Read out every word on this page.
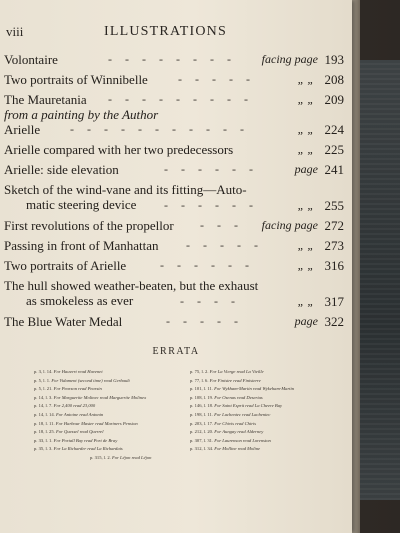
viii	ILLUSTRATIONS
Volontaire	- - - - - - - - facing page 193
Two portraits of Winnibelle	- - - - -	„ „ 208
The Mauretania - - - - - - - - -	„ „ 209
from a painting by the Author
Arielle - - - - - - - - - - -	„ „ 224
Arielle compared with her two predecessors	„ „ 225
Arielle: side elevation	- - - - - -	page 241
Sketch of the wind-vane and its fitting—Auto-
matic steering device	- - - - - -	„ „ 255
First revolutions of the propellor - - - facing page 272
Passing in front of Manhattan - - - - -	„ „ 273
Two portraits of Arielle	- - - - - -	„ „ 316
The hull showed weather-beaten, but the exhaust
as smokeless as ever	- - - -	„ „ 317
The Blue Water Medal	- - - - -	page 322
ERRATA
p. 3, l. 14. For Hauvert read Havenet
p. 5, l. 1. For Vidament (second time) read Gerbault
p. 5, l. 21. For Pearson read Pearsin
p. 14, l. 3. For Marguerite Molinec read Marguerite Molinex
p. 14, l. 7. For 2,400 read 23,000
p. 14, l. 14. For Antoine read Antonin
p. 18, l. 11. For Harbour Master read Mariners Pension
p. 18, l. 25. For Quessel read Querrel
p. 33, l. 1. For Portall Bay read Port de Bray
p. 35, l. 3. For La Richarder read La Richardais
p. 75, l. 2. For La Vierge read La Vieille
p. 77, l. 6. For Finistre read Finisterre
p. 101, l. 11. For Wykham-Martin read Wykeham-Martin
p. 108, l. 19. For Osenas read Deserias
p. 146, l. 18. For Saint Esprit read La Cheere Bay
p. 198, l. 11. For Lachentec read Lacbentec
p. 203, l. 17. For Chivis read Chiris
p. 212, l. 20. For Aungay read Alderney
p. 307, l. 31. For Laurenson read Lorenston
p. 312, l. 34. For Molline read Moline
p. 315, l. 2. For Léjon read Léjon
